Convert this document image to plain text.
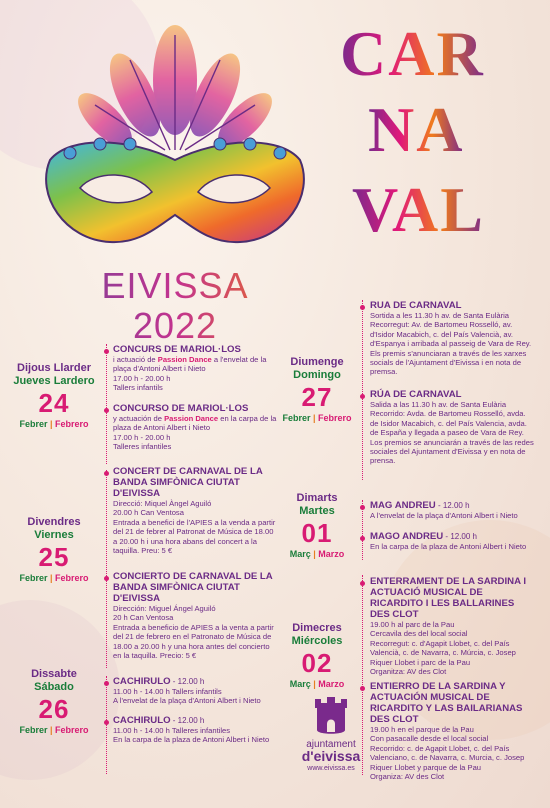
EIVISSA 2022
CAR
NA
VAL
Dijous Llarder
Jueves Lardero
24
Febrer | Febrero
Divendres
Viernes
25
Febrer | Febrero
Dissabte
Sábado
26
Febrer | Febrero
CONCURS DE MARIOL·LOS

i actuació de Passion Dance a l'envelat de la plaça d'Antoni Albert i Nieto

17.00 h - 20.00 h

Tallers infantils

CONCURSO DE MARIOL·LOS

y actuación de Passion Dance en la carpa de la plaza de Antoni Albert i Nieto

17.00 h - 20.00 h

Talleres infantiles

CONCERT DE CARNAVAL DE LA BANDA SIMFÒNICA CIUTAT D'EIVISSA

Direcció: Miquel Àngel Aguiló

20.00 h Can Ventosa

Entrada a benefici de l'APIES a la venda a partir del 21 de febrer al Patronat de Música de 18.00 a 20.00 h i una hora abans del concert a la taquilla. Preu: 5 €

CONCIERTO DE CARNAVAL DE LA BANDA SIMFÒNICA CIUTAT D'EIVISSA

Dirección: Miguel Ángel Aguiló

20 h Can Ventosa

Entrada a beneficio de APIES a la venta a partir del 21 de febrero en el Patronato de Música de 18.00 a 20.00 h y una hora antes del concierto en la taquilla. Precio: 5 €

CACHIRULO - 12.00 h

11.00 h - 14.00 h Tallers infantils

A l'envelat de la plaça d'Antoni Albert i Nieto

CACHIRULO - 12.00 h

11.00 h - 14.00 h Talleres infantiles

En la carpa de la plaza de Antoni Albert i Nieto

Diumenge
Domingo
27
Febrer | Febrero
Dimarts
Martes
01
Març | Marzo
Dimecres
Miércoles
02
Març | Marzo
RUA DE CARNAVAL

Sortida a les 11.30 h av. de Santa Eulària

Recorregut: Av. de Bartomeu Rosselló, av. d'Isidor Macabich, c. del País Valencià, av. d'Espanya i arribada al passeig de Vara de Rey. Els premis s'anunciaran a través de les xarxes socials de l'Ajuntament d'Eivissa i en nota de premsa.

RÚA DE CARNAVAL

Salida a las 11.30 h av. de Santa Eulària

Recorrido: Avda. de Bartomeu Rosselló, avda. de Isidor Macabich, c. del País Valencia, avda. de España y llegada a paseo de Vara de Rey. Los premios se anunciarán a través de las redes sociales del Ajuntament d'Eivissa y en nota de prensa.

MAG ANDREU - 12.00 h

A l'envelat de la plaça d'Antoni Albert i Nieto

MAGO ANDREU - 12.00 h

En la carpa de la plaza de Antoni Albert i Nieto

ENTERRAMENT DE LA SARDINA I ACTUACIÓ MUSICAL DE RICARDITO I LES BALLARINES DES CLOT

19.00 h al parc de la Pau

Cercavila des del local social

Recorregut: c. d'Agapit Llobet, c. del País Valencià, c. de Navarra, c. Múrcia, c. Josep Riquer Llobet i parc de la Pau

Organitza: AV des Clot

ENTIERRO DE LA SARDINA Y ACTUACIÓN MUSICAL DE RICARDITO Y LAS BAILARIANAS DES CLOT

19.00 h en el parque de la Pau

Con pasacalle desde el local social

Recorrido: c. de Agapit Llobet, c. del País Valenciano, c. de Navarra, c. Murcia, c. Josep Riquer Llobet y parque de la Pau

Organiza: AV des Clot

ajuntament
d'eivissa
www.eivissa.es
